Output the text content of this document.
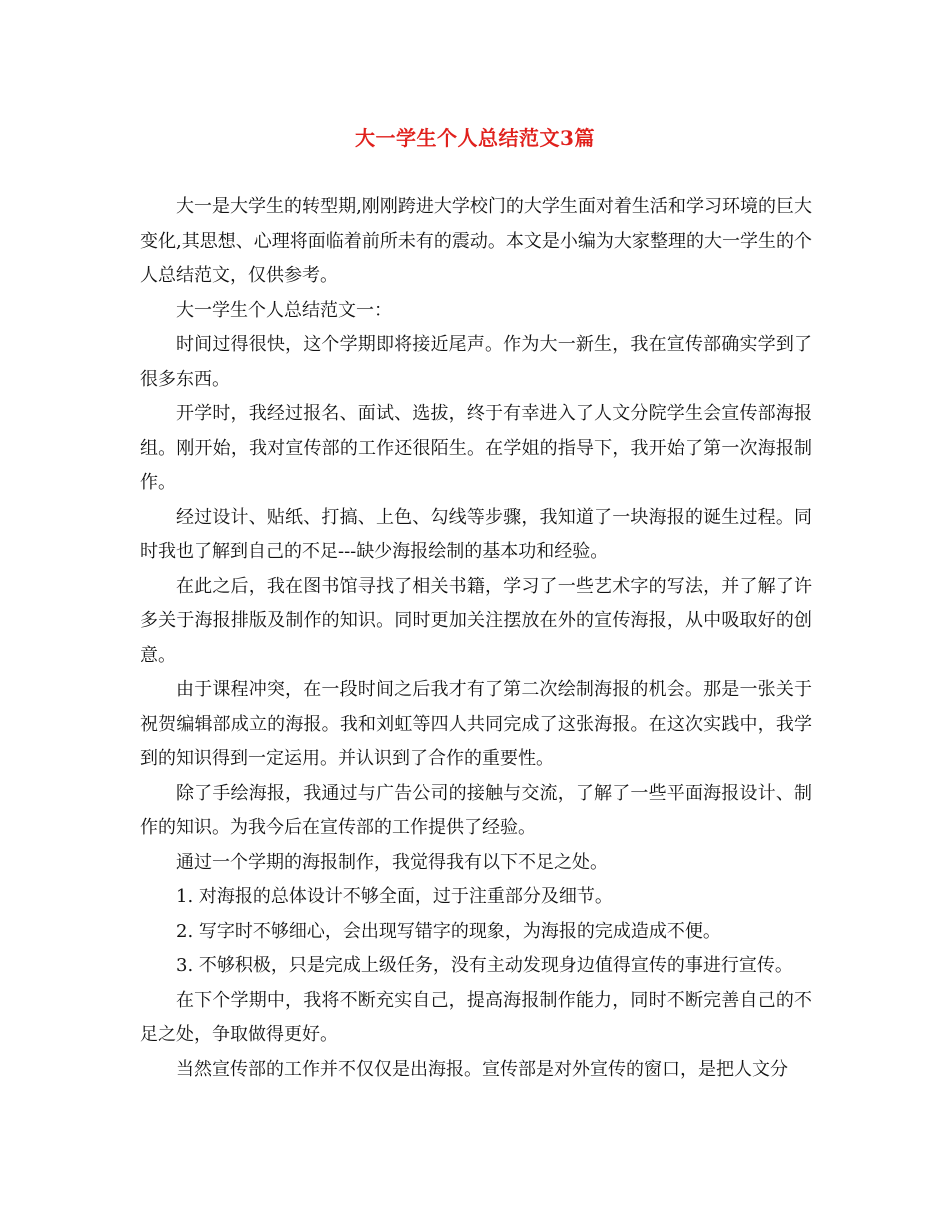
大一学生个人总结范文3篇

大一是大学生的转型期,刚刚跨进大学校门的大学生面对着生活和学习环境的巨大变化,其思想、心理将面临着前所未有的震动。本文是小编为大家整理的大一学生的个人总结范文，仅供参考。

大一学生个人总结范文一：

时间过得很快，这个学期即将接近尾声。作为大一新生，我在宣传部确实学到了很多东西。

开学时，我经过报名、面试、选拔，终于有幸进入了人文分院学生会宣传部海报组。刚开始，我对宣传部的工作还很陌生。在学姐的指导下，我开始了第一次海报制作。

经过设计、贴纸、打搞、上色、勾线等步骤，我知道了一块海报的诞生过程。同时我也了解到自己的不足---缺少海报绘制的基本功和经验。

在此之后，我在图书馆寻找了相关书籍，学习了一些艺术字的写法，并了解了许多关于海报排版及制作的知识。同时更加关注摆放在外的宣传海报，从中吸取好的创意。

由于课程冲突，在一段时间之后我才有了第二次绘制海报的机会。那是一张关于祝贺编辑部成立的海报。我和刘虹等四人共同完成了这张海报。在这次实践中，我学到的知识得到一定运用。并认识到了合作的重要性。

除了手绘海报，我通过与广告公司的接触与交流，了解了一些平面海报设计、制作的知识。为我今后在宣传部的工作提供了经验。

通过一个学期的海报制作，我觉得我有以下不足之处。

1. 对海报的总体设计不够全面，过于注重部分及细节。

2. 写字时不够细心，会出现写错字的现象，为海报的完成造成不便。

3. 不够积极，只是完成上级任务，没有主动发现身边值得宣传的事进行宣传。

在下个学期中，我将不断充实自己，提高海报制作能力，同时不断完善自己的不足之处，争取做得更好。

当然宣传部的工作并不仅仅是出海报。宣传部是对外宣传的窗口，是把人文分
